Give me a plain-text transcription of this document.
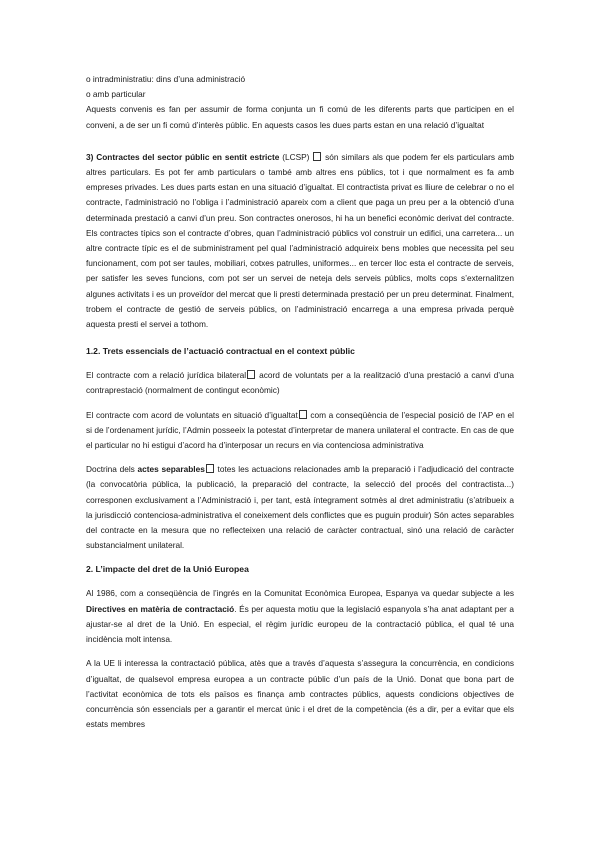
o intradministratiu: dins d’una administració

o amb particular

Aquests convenis es fan per assumir de forma conjunta un fi comú de les diferents parts que participen en el conveni, a de ser un fi comú d’interès públic. En aquests casos les dues parts estan en una relació d’igualtat

3) Contractes del sector públic en sentit estricte (LCSP)  són similars als que podem fer els particulars amb altres particulars. Es pot fer amb particulars o també amb altres ens públics, tot i que normalment es fa amb empreses privades. Les dues parts estan en una situació d’igualtat. El contractista privat es lliure de celebrar o no el contracte, l’administració no l’obliga i l’administració apareix com a client que paga un preu per a la obtenció d’una determinada prestació a canvi d’un preu. Son contractes onerosos, hi ha un benefici econòmic derivat del contracte. Els contractes típics son el contracte d’obres, quan l’administració públics vol construir un edifici, una carretera... un altre contracte típic es el de subministrament pel qual l’administració adquireix bens mobles que necessita pel seu funcionament, com pot ser taules, mobiliari, cotxes patrulles, uniformes... en tercer lloc esta el contracte de serveis, per satisfer les seves funcions, com pot ser un servei de neteja dels serveis públics, molts cops s’externalitzen algunes activitats i es un proveïdor del mercat que li presti determinada prestació per un preu determinat. Finalment, trobem el contracte de gestió de serveis públics, on l’administració encarrega a una empresa privada perquè aquesta presti el servei a tothom.

1.2. Trets essencials de l’actuació contractual en el context públic

El contracte com a relació jurídica bilateral acord de voluntats per a la realització d’una prestació a canvi d’una contraprestació (normalment de contingut econòmic)

El contracte com acord de voluntats en situació d’igualtat com a conseqüència de l’especial posició de l’AP en el si de l’ordenament jurídic, l’Admin posseeix la potestat d’interpretar de manera unilateral el contracte. En cas de que el particular no hi estigui d’acord ha d’interposar un recurs en via contenciosa administrativa

Doctrina dels actes separables totes les actuacions relacionades amb la preparació i l’adjudicació del contracte (la convocatòria pública, la publicació, la preparació del contracte, la selecció del procés del contractista...) corresponen exclusivament a l’Administració i, per tant, està íntegrament sotmès al dret administratiu (s’atribueix a la jurisdicció contenciosa-administrativa el coneixement dels conflictes que es puguin produir) Són actes separables del contracte en la mesura que no reflecteixen una relació de caràcter contractual, sinó una relació de caràcter substancialment unilateral.

2. L’impacte del dret de la Unió Europea

Al 1986, com a conseqüència de l’ingrés en la Comunitat Econòmica Europea, Espanya va quedar subjecte a les Directives en matèria de contractació. És per aquesta motiu que la legislació espanyola s’ha anat adaptant per a ajustar-se al dret de la Unió. En especial, el règim jurídic europeu de la contractació pública, el qual té una incidència molt intensa.

A la UE li interessa la contractació pública, atès que a través d’aquesta s’assegura la concurrència, en condicions d’igualtat, de qualsevol empresa europea a un contracte públic d’un país de la Unió. Donat que bona part de l’activitat econòmica de tots els països es finança amb contractes públics, aquests condicions objectives de concurrència són essencials per a garantir el mercat únic i el dret de la competència (és a dir, per a evitar que els estats membres
